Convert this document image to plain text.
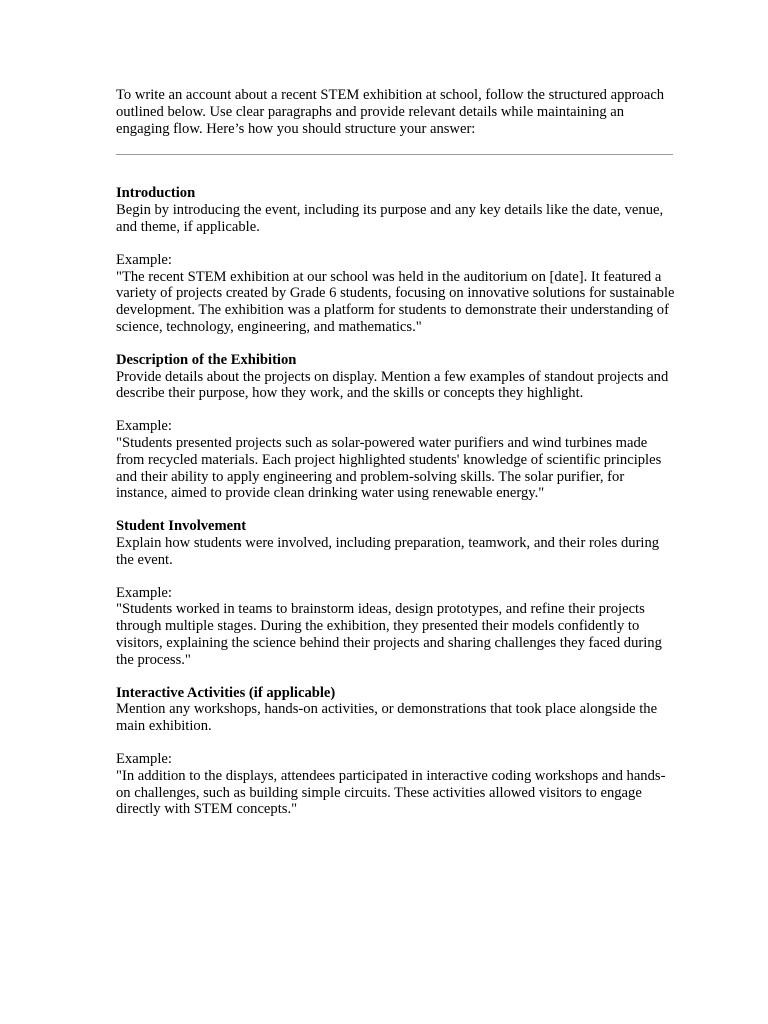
To write an account about a recent STEM exhibition at school, follow the structured approach outlined below. Use clear paragraphs and provide relevant details while maintaining an engaging flow. Here’s how you should structure your answer:

Introduction

Begin by introducing the event, including its purpose and any key details like the date, venue, and theme, if applicable.

Example:

"The recent STEM exhibition at our school was held in the auditorium on [date]. It featured a variety of projects created by Grade 6 students, focusing on innovative solutions for sustainable development. The exhibition was a platform for students to demonstrate their understanding of science, technology, engineering, and mathematics."

Description of the Exhibition

Provide details about the projects on display. Mention a few examples of standout projects and describe their purpose, how they work, and the skills or concepts they highlight.

Example:

"Students presented projects such as solar-powered water purifiers and wind turbines made from recycled materials. Each project highlighted students' knowledge of scientific principles and their ability to apply engineering and problem-solving skills. The solar purifier, for instance, aimed to provide clean drinking water using renewable energy."

Student Involvement

Explain how students were involved, including preparation, teamwork, and their roles during the event.

Example:

"Students worked in teams to brainstorm ideas, design prototypes, and refine their projects through multiple stages. During the exhibition, they presented their models confidently to visitors, explaining the science behind their projects and sharing challenges they faced during the process."

Interactive Activities (if applicable)

Mention any workshops, hands-on activities, or demonstrations that took place alongside the main exhibition.

Example:

"In addition to the displays, attendees participated in interactive coding workshops and hands-on challenges, such as building simple circuits. These activities allowed visitors to engage directly with STEM concepts."
